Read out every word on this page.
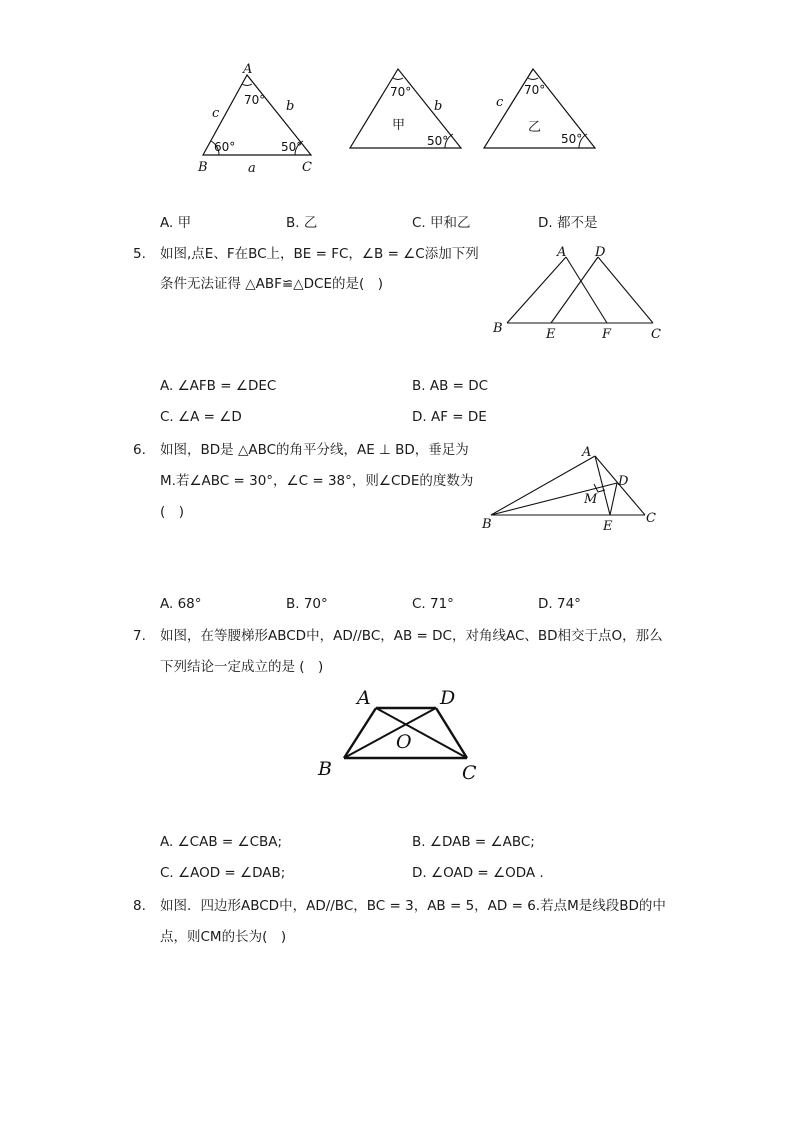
A
B	C
a
b
c
70°
60°	50°
70°
b
50°
甲
70°
c
50°
乙
A. 甲	B. 乙	C. 甲和乙	D. 都不是
5. 如图,点E、F在BC上，BE = FC，∠B = ∠C添加下列
条件无法证得 △ABF≌△DCE的是(　)
A D
B	E	F	C
A. ∠AFB = ∠DEC	B. AB = DC
C. ∠A = ∠D	D. AF = DE
6. 如图，BD是 △ABC的角平分线，AE ⊥ BD，垂足为
M.若∠ABC = 30°，∠C = 38°，则∠CDE的度数为
(　)
A
D
M
B	E
C
A. 68°	B. 70°	C. 71°	D. 74°
7. 如图，在等腰梯形ABCD中，AD//BC，AB = DC，对角线AC、BD相交于点O，那么
下列结论一定成立的是 (　)
A	D
O
B	C
A. ∠CAB = ∠CBA;	B. ∠DAB = ∠ABC;
C. ∠AOD = ∠DAB;	D. ∠OAD = ∠ODA .
8. 如图．四边形ABCD中，AD//BC，BC = 3，AB = 5，AD = 6.若点M是线段BD的中
点，则CM的长为(　)
